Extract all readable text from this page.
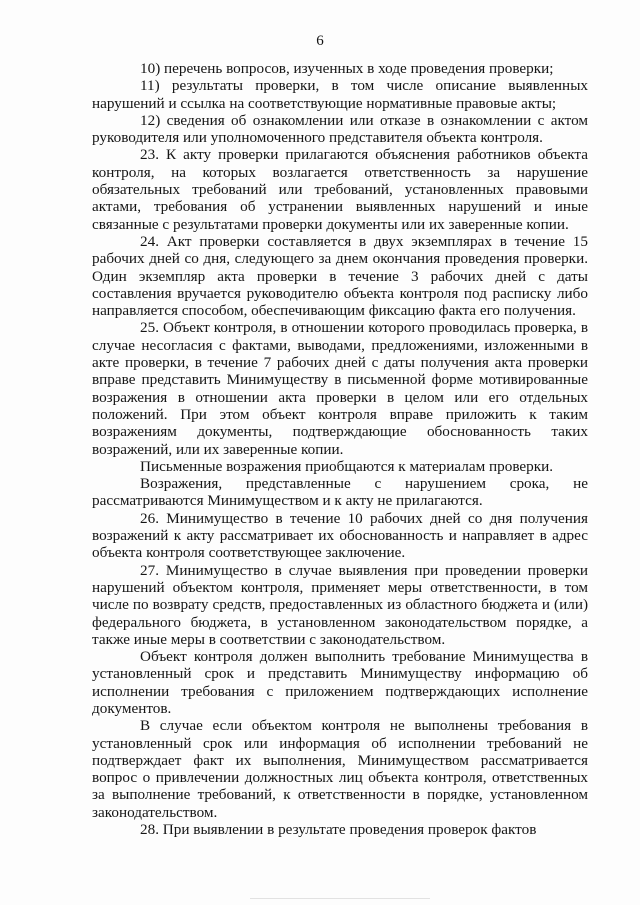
6

10) перечень вопросов, изученных в ходе проведения проверки;

11) результаты проверки, в том числе описание выявленных нарушений и ссылка на соответствующие нормативные правовые акты;

12) сведения об ознакомлении или отказе в ознакомлении с актом руководителя или уполномоченного представителя объекта контроля.

23. К акту проверки прилагаются объяснения работников объекта контроля, на которых возлагается ответственность за нарушение обязательных требований или требований, установленных правовыми актами, требования об устранении выявленных нарушений и иные связанные с результатами проверки документы или их заверенные копии.

24. Акт проверки составляется в двух экземплярах в течение 15 рабочих дней со дня, следующего за днем окончания проведения проверки. Один экземпляр акта проверки в течение 3 рабочих дней с даты составления вручается руководителю объекта контроля под расписку либо направляется способом, обеспечивающим фиксацию факта его получения.

25. Объект контроля, в отношении которого проводилась проверка, в случае несогласия с фактами, выводами, предложениями, изложенными в акте проверки, в течение 7 рабочих дней с даты получения акта проверки вправе представить Минимуществу в письменной форме мотивированные возражения в отношении акта проверки в целом или его отдельных положений. При этом объект контроля вправе приложить к таким возражениям документы, подтверждающие обоснованность таких возражений, или их заверенные копии.

Письменные возражения приобщаются к материалам проверки.

Возражения, представленные с нарушением срока, не рассматриваются Минимуществом и к акту не прилагаются.

26. Минимущество в течение 10 рабочих дней со дня получения возражений к акту рассматривает их обоснованность и направляет в адрес объекта контроля соответствующее заключение.

27. Минимущество в случае выявления при проведении проверки нарушений объектом контроля, применяет меры ответственности, в том числе по возврату средств, предоставленных из областного бюджета и (или) федерального бюджета, в установленном законодательством порядке, а также иные меры в соответствии с законодательством.

Объект контроля должен выполнить требование Минимущества в установленный срок и представить Минимуществу информацию об исполнении требования с приложением подтверждающих исполнение документов.

В случае если объектом контроля не выполнены требования в установленный срок или информация об исполнении требований не подтверждает факт их выполнения, Минимуществом рассматривается вопрос о привлечении должностных лиц объекта контроля, ответственных за выполнение требований, к ответственности в порядке, установленном законодательством.

28. При выявлении в результате проведения проверок фактов
